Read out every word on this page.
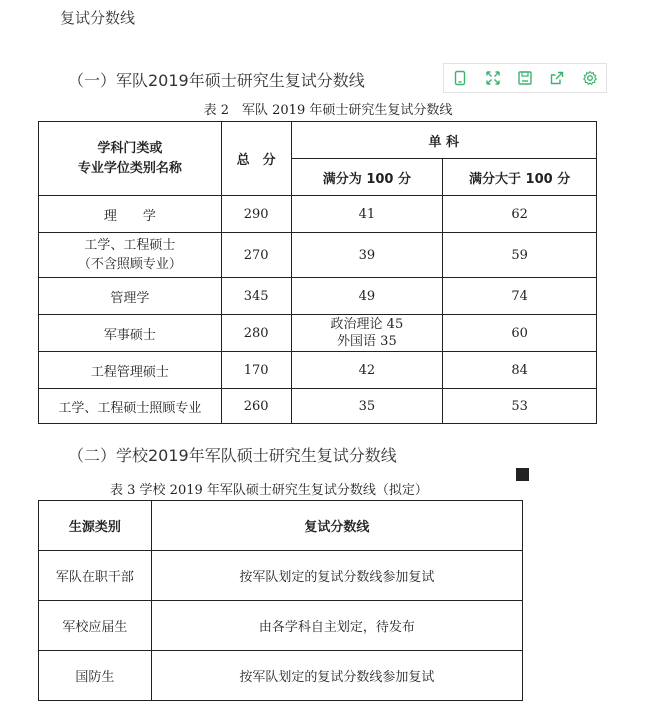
复试分数线
（一）军队2019年硕士研究生复试分数线
表 2　军队 2019 年硕士研究生复试分数线
学科门类或
专业学位类别名称	总　分	单 科	
		满分为 100 分	满分大于 100 分
理　　学	290	41	62
工学、工程硕士
（不含照顾专业）	270	39	59
管理学	345	49	74
军事硕士	280	政治理论 45
外国语 35	60
工程管理硕士	170	42	84
工学、工程硕士照顾专业	260	35	53
（二）学校2019年军队硕士研究生复试分数线
表 3 学校 2019 年军队硕士研究生复试分数线（拟定）
生源类别	复试分数线
军队在职干部	按军队划定的复试分数线参加复试
军校应届生	由各学科自主划定，待发布
国防生	按军队划定的复试分数线参加复试
